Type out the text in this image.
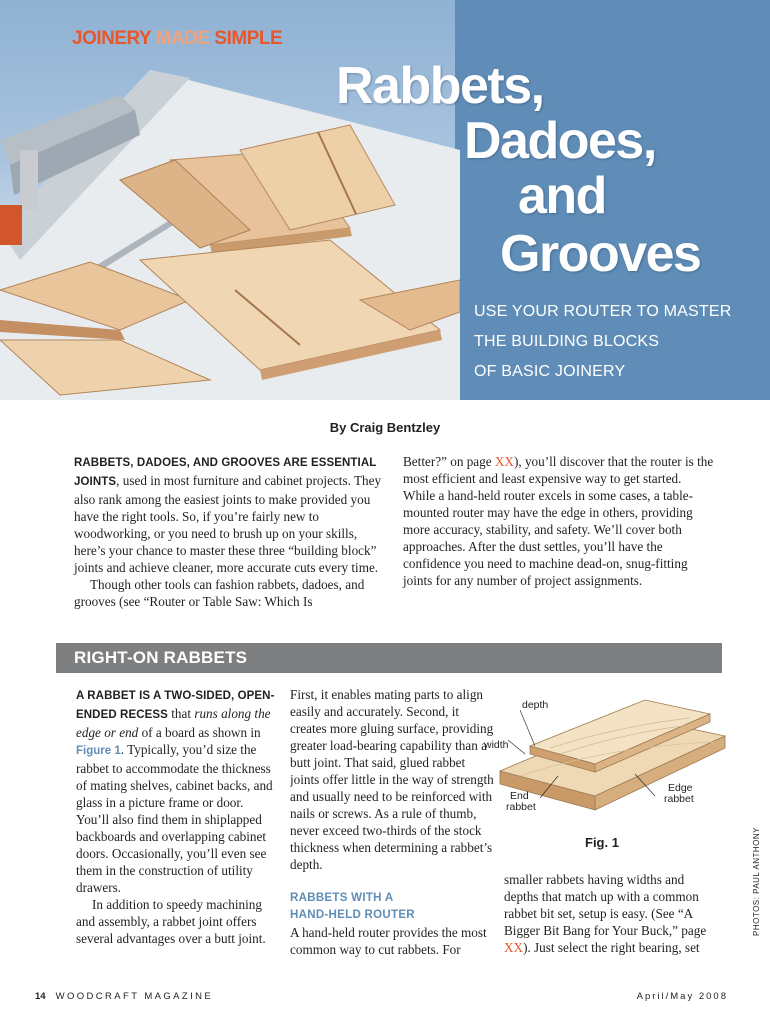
JOINERY MADE SIMPLE
Rabbets,
Dadoes,
and
Grooves
USE YOUR ROUTER TO MASTER
THE BUILDING BLOCKS
OF BASIC JOINERY
By Craig Bentzley
RABBETS, DADOES, AND GROOVES ARE ESSENTIAL JOINTS, used in most furniture and cabinet projects. They also rank among the easiest joints to make provided you have the right tools. So, if you’re fairly new to woodworking, or you need to brush up on your skills, here’s your chance to master these three “building block” joints and achieve cleaner, more accurate cuts every time.
Though other tools can fashion rabbets, dadoes, and grooves (see “Router or Table Saw: Which Is
Better?” on page XX), you’ll discover that the router is the most efficient and least expensive way to get started. While a hand-held router excels in some cases, a table-mounted router may have the edge in others, providing more accuracy, stability, and safety. We’ll cover both approaches. After the dust settles, you’ll have the confidence you need to machine dead-on, snug-fitting joints for any number of project assignments.
RIGHT-ON RABBETS
A RABBET IS A TWO-SIDED, OPEN-ENDED RECESS that runs along the edge or end of a board as shown in Figure 1. Typically, you’d size the rabbet to accommodate the thickness of mating shelves, cabinet backs, and glass in a picture frame or door. You’ll also find them in shiplapped backboards and overlapping cabinet doors. Occasionally, you’ll even see them in the construction of utility drawers.
In addition to speedy machining and assembly, a rabbet joint offers several advantages over a butt joint.
First, it enables mating parts to align easily and accurately. Second, it creates more gluing surface, providing greater load-bearing capability than a butt joint. That said, glued rabbet joints offer little in the way of strength and usually need to be reinforced with nails or screws. As a rule of thumb, never exceed two-thirds of the stock thickness when determining a rabbet’s depth.
RABBETS WITH A
HAND-HELD ROUTER
A hand-held router provides the most common way to cut rabbets. For
smaller rabbets having widths and depths that match up with a common rabbet bit set, setup is easy. (See “A Bigger Bit Bang for Your Buck,” page XX). Just select the right bearing, set
depth
width
End
rabbet
Edge
rabbet
Fig. 1	PHOTOS: PAUL ANTHONY
14 WOODCRAFT MAGAZINE	April/May 2008
